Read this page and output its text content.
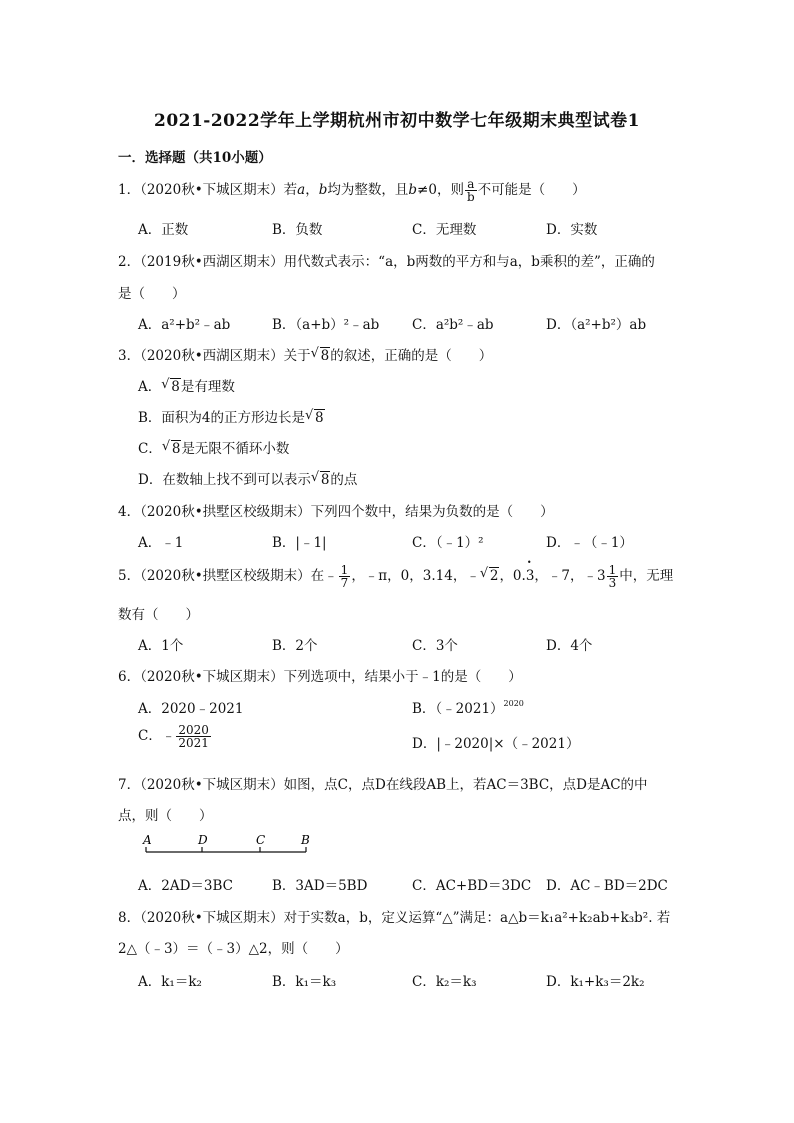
2021-2022学年上学期杭州市初中数学七年级期末典型试卷1
一．选择题（共10小题）
1．（2020秋•下城区期末）若a，b均为整数，且b≠0，则 $\frac{a}{b}$ 不可能是（　　）
A．正数	B．负数	C．无理数	D．实数
2．（2019秋•西湖区期末）用代数式表示：“a，b两数的平方和与a，b乘积的差”，正确的
是（　　）
A．a²+b²﹣ab	B．（a+b）²﹣ab C．a²b²﹣ab	D．（a²+b²）ab
3．（2020秋•西湖区期末）关于 √ 8的叙述，正确的是（　　）
A． √ 8是有理数
B．面积为4的正方形边长是 √ 8
C． √ 8是无限不循环小数
D．在数轴上找不到可以表示 √ 8的点
4．（2020秋•拱墅区校级期末）下列四个数中，结果为负数的是（　　）
A．﹣1	B．|﹣1|	C．（﹣1）²	D．﹣（﹣1）
5．（2020秋•拱墅区校级期末）在﹣ $\frac{1}{7}$ ，﹣π，0，3.14，﹣ √ 2，0.• 3，﹣7，﹣3 $\frac{1}{3}$ 中，无理
数有（　　）
A．1个	B．2个	C．3个	D．4个
6．（2020秋•下城区期末）下列选项中，结果小于﹣1的是（　　）
A．2020﹣2021	B．（﹣2021）$^{2020}$
C．﹣ $\frac{2020}{2021}$	D．|﹣2020|×（﹣2021）
7．（2020秋•下城区期末）如图，点C，点D在线段AB上，若AC＝3BC，点D是AC的中
点，则（　　）
A	D	C	B
A．2AD＝3BC	B．3AD＝5BD	C．AC+BD＝3DC D．AC﹣BD＝2DC
8．（2020秋•下城区期末）对于实数a，b，定义运算“△”满足：a△b＝k₁a²+k₂ab+k₃b². 若
2△（﹣3）＝（﹣3）△2，则（　　）
A．k₁＝k₂	B．k₁＝k₃	C．k₂＝k₃	D．k₁+k₃＝2k₂
